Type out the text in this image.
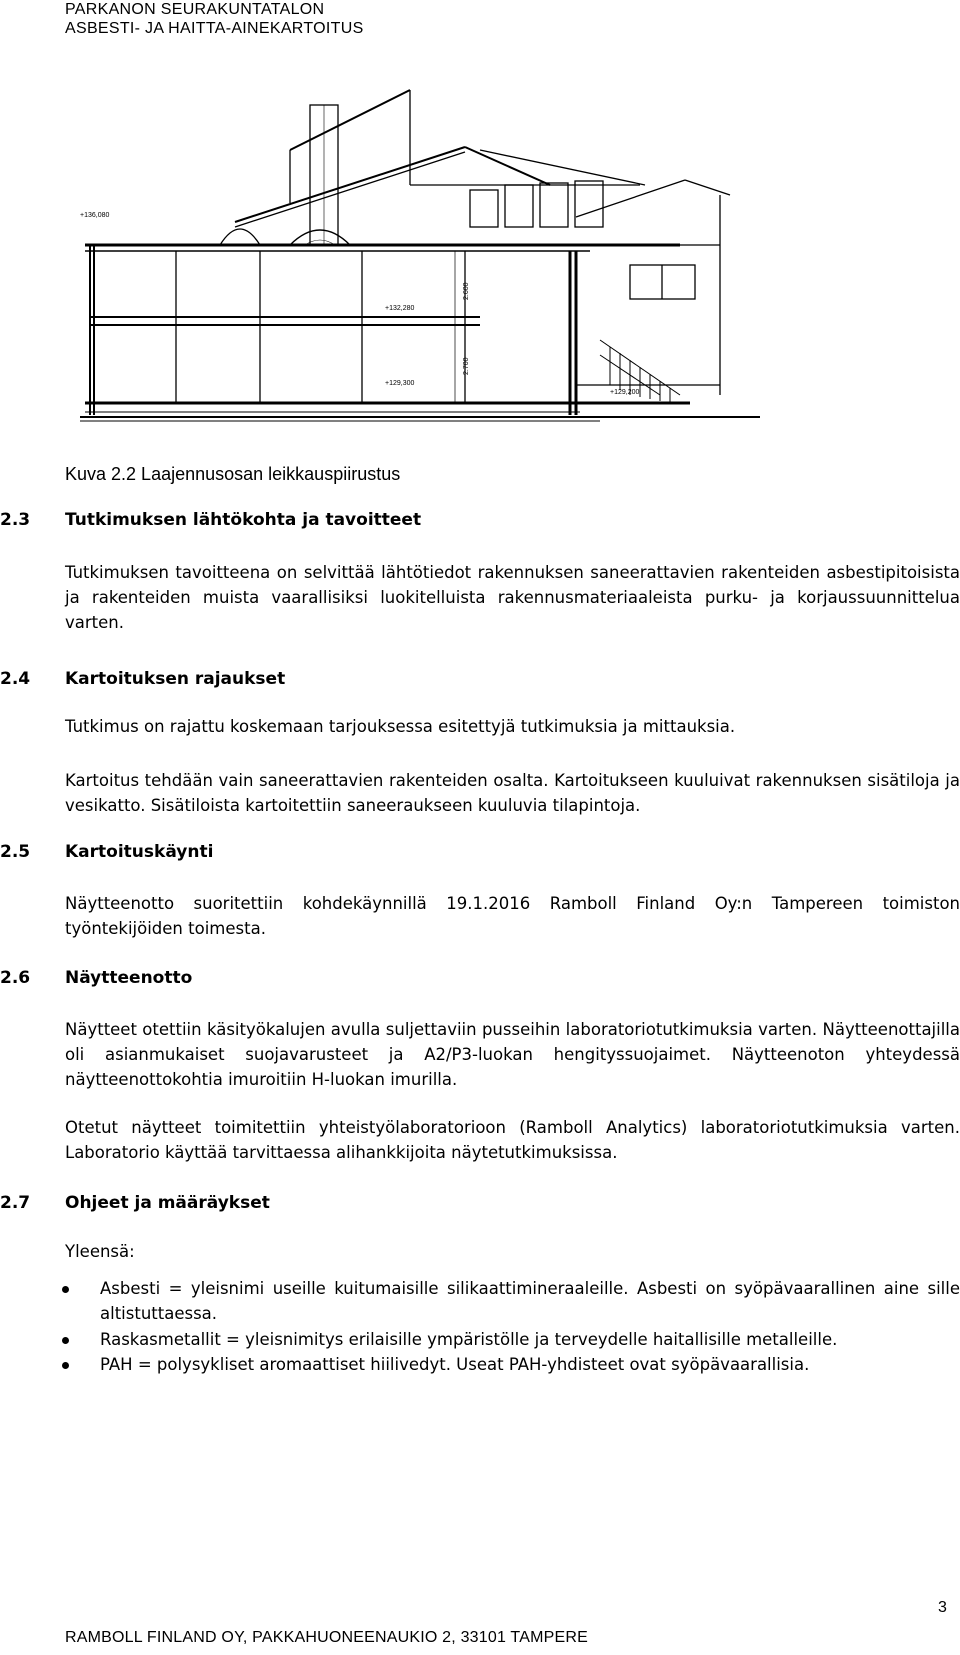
PARKANON SEURAKUNTATALON
ASBESTI- JA HAITTA-AINEKARTOITUS
+136,080
+132,280
+129,300
+129,200
2.600
2.700
Kuva 2.2 Laajennusosan leikkauspiirustus
2.3	Tutkimuksen lähtökohta ja tavoitteet

Tutkimuksen tavoitteena on selvittää lähtötiedot rakennuksen saneerattavien rakenteiden asbestipitoisista ja rakenteiden muista vaarallisiksi luokitelluista rakennusmateriaaleista purku- ja korjaussuunnittelua varten.

2.4 Kartoituksen rajaukset

Tutkimus on rajattu koskemaan tarjouksessa esitettyjä tutkimuksia ja mittauksia.

Kartoitus tehdään vain saneerattavien rakenteiden osalta. Kartoitukseen kuuluivat rakennuksen sisätiloja ja vesikatto. Sisätiloista kartoitettiin saneeraukseen kuuluvia tilapintoja.

2.5 Kartoituskäynti

Näytteenotto suoritettiin kohdekäynnillä 19.1.2016 Ramboll Finland Oy:n Tampereen toimiston työntekijöiden toimesta.

2.6 Näytteenotto

Näytteet otettiin käsityökalujen avulla suljettaviin pusseihin laboratoriotutkimuksia varten. Näytteenottajilla oli asianmukaiset suojavarusteet ja A2/P3-luokan hengityssuojaimet. Näytteenoton yhteydessä näytteenottokohtia imuroitiin H-luokan imurilla.

Otetut näytteet toimitettiin yhteistyölaboratorioon (Ramboll Analytics) laboratoriotutkimuksia varten. Laboratorio käyttää tarvittaessa alihankkijoita näytetutkimuksissa.

2.7 Ohjeet ja määräykset

Yleensä:

Asbesti = yleisnimi useille kuitumaisille silikaattimineraaleille. Asbesti on syöpävaarallinen aine sille altistuttaessa.

Raskasmetallit = yleisnimitys erilaisille ympäristölle ja terveydelle haitallisille metalleille.

PAH = polysykliset aromaattiset hiilivedyt. Useat PAH-yhdisteet ovat syöpävaarallisia.

3
RAMBOLL FINLAND OY, PAKKAHUONEENAUKIO 2, 33101 TAMPERE
